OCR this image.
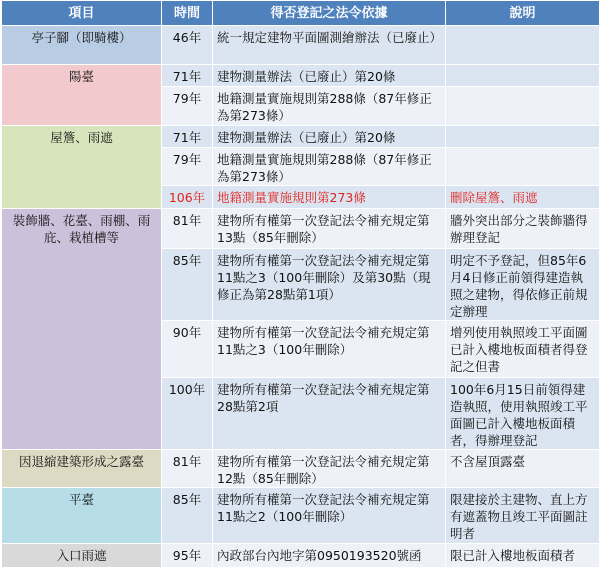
項目	時間	得否登記之法令依據	說明
亭子腳（即騎樓）	46年	統一規定建物平面圖測繪辦法（已廢止）	
陽臺	71年	建物測量辦法（已廢止）第20條	
	79年	地籍測量實施規則第288條（87年修正為第273條）	
屋簷、雨遮	71年	建物測量辦法（已廢止）第20條	
	79年	地籍測量實施規則第288條（87年修正為第273條）	
	106年	地籍測量實施規則第273條	刪除屋簷、雨遮
裝飾牆、花臺、雨棚、雨庇、栽植槽等	81年	建物所有權第一次登記法令補充規定第13點（85年刪除）	牆外突出部分之裝飾牆得辦理登記
	85年	建物所有權第一次登記法令補充規定第11點之3（100年刪除）及第30點（現修正為第28點第1項）	明定不予登記，但85年6月4日修正前領得建造執照之建物，得依修正前規定辦理
	90年	建物所有權第一次登記法令補充規定第11點之3（100年刪除）	增列使用執照竣工平面圖已計入樓地板面積者得登記之但書
	100年	建物所有權第一次登記法令補充規定第28點第2項	100年6月15日前領得建造執照，使用執照竣工平面圖已計入樓地板面積者，得辦理登記
因退縮建築形成之露臺	81年	建物所有權第一次登記法令補充規定第12點（85年刪除）	不含屋頂露臺
平臺	85年	建物所有權第一次登記法令補充規定第11點之2（100年刪除）	限建接於主建物、直上方有遮蓋物且竣工平面圖註明者
入口雨遮	95年	內政部台內地字第0950193520號函	限已計入樓地板面積者
